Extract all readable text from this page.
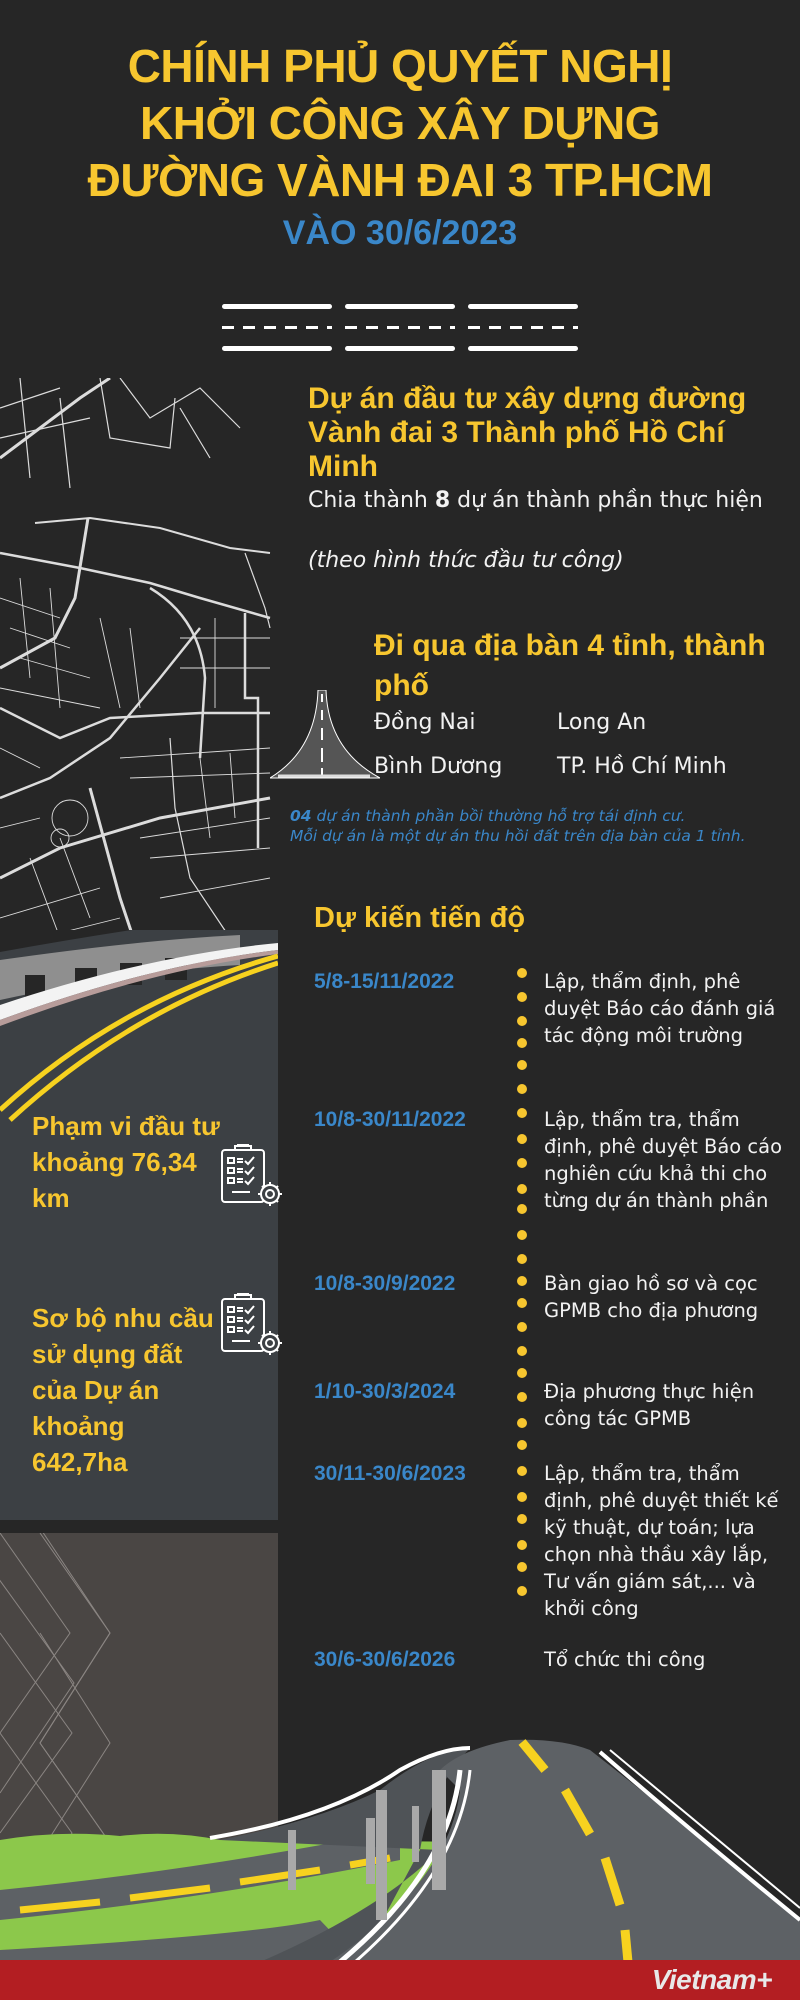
CHÍNH PHỦ QUYẾT NGHỊ
KHỞI CÔNG XÂY DỰNG
ĐƯỜNG VÀNH ĐAI 3 TP.HCM
VÀO 30/6/2023
Phạm vi đầu tư khoảng 76,34 km
Sơ bộ nhu cầu sử dụng đất của Dự án khoảng 642,7ha
Dự án đầu tư xây dựng đường Vành đai 3 Thành phố Hồ Chí Minh
Chia thành 8 dự án thành phần thực hiện
(theo hình thức đầu tư công)
Đi qua địa bàn 4 tỉnh, thành phố
Đồng Nai	Long An
Bình Dương	TP. Hồ Chí Minh
04 dự án thành phần bồi thường hỗ trợ tái định cư.
Mỗi dự án là một dự án thu hồi đất trên địa bàn của 1 tỉnh.
Dự kiến tiến độ
5/8-15/11/2022	Lập, thẩm định, phê duyệt Báo cáo đánh giá tác động môi trường
10/8-30/11/2022	Lập, thẩm tra, thẩm định, phê duyệt Báo cáo nghiên cứu khả thi cho từng dự án thành phần
10/8-30/9/2022	Bàn giao hồ sơ và cọc GPMB cho địa phương
1/10-30/3/2024	Địa phương thực hiện công tác GPMB
30/11-30/6/2023	Lập, thẩm tra, thẩm định, phê duyệt thiết kế kỹ thuật, dự toán; lựa chọn nhà thầu xây lắp, Tư vấn giám sát,... và khởi công
30/6-30/6/2026	Tổ chức thi công
Vietnam+
